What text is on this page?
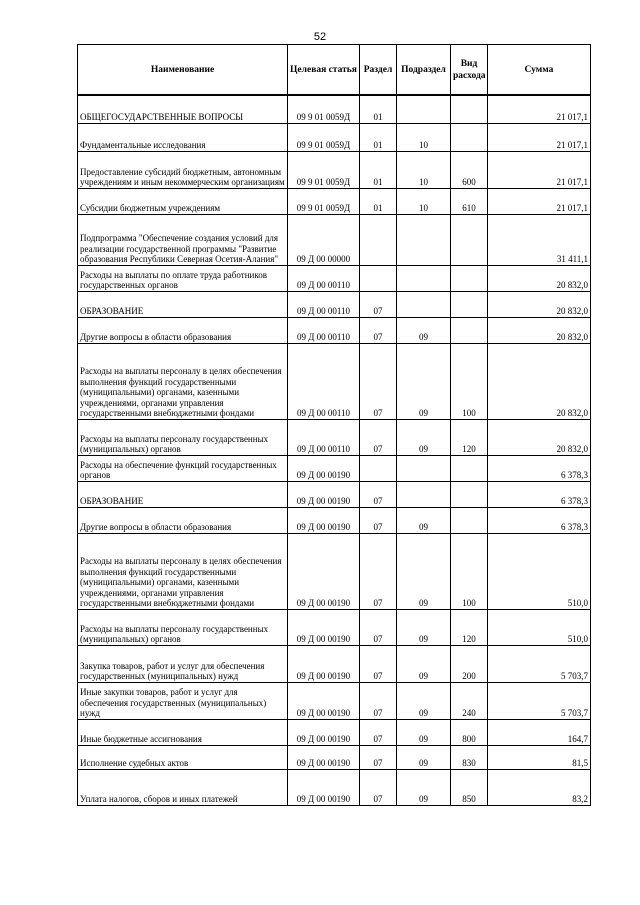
52
Наименование	Целевая статья	Раздел	Подраздел	Вид расхода	Сумма
ОБЩЕГОСУДАРСТВЕННЫЕ ВОПРОСЫ	09 9 01 0059Д	01			21 017,1
Фундаментальные исследования	09 9 01 0059Д	01	10		21 017,1
Предоставление субсидий бюджетным, автономным учреждениям и иным некоммерческим организациям	09 9 01 0059Д	01	10	600	21 017,1
Субсидии бюджетным учреждениям	09 9 01 0059Д	01	10	610	21 017,1
Подпрограмма "Обеспечение создания условий для реализации государственной программы "Развитие образования Республики Северная Осетия-Алания"	09 Д 00 00000				31 411,1
Расходы на выплаты по оплате труда работников государственных органов	09 Д 00 00110				20 832,0
ОБРАЗОВАНИЕ	09 Д 00 00110	07			20 832,0
Другие вопросы в области образования	09 Д 00 00110	07	09		20 832,0
Расходы на выплаты персоналу в целях обеспечения выполнения функций государственными (муниципальными) органами, казенными учреждениями, органами управления государственными внебюджетными фондами	09 Д 00 00110	07	09	100	20 832,0
Расходы на выплаты персоналу государственных (муниципальных) органов	09 Д 00 00110	07	09	120	20 832,0
Расходы на обеспечение функций государственных органов	09 Д 00 00190				6 378,3
ОБРАЗОВАНИЕ	09 Д 00 00190	07			6 378,3
Другие вопросы в области образования	09 Д 00 00190	07	09		6 378,3
Расходы на выплаты персоналу в целях обеспечения выполнения функций государственными (муниципальными) органами, казенными учреждениями, органами управления государственными внебюджетными фондами	09 Д 00 00190	07	09	100	510,0
Расходы на выплаты персоналу государственных (муниципальных) органов	09 Д 00 00190	07	09	120	510,0
Закупка товаров, работ и услуг для обеспечения государственных (муниципальных) нужд	09 Д 00 00190	07	09	200	5 703,7
Иные закупки товаров, работ и услуг для обеспечения государственных (муниципальных) нужд	09 Д 00 00190	07	09	240	5 703,7
Иные бюджетные ассигнования	09 Д 00 00190	07	09	800	164,7
Исполнение судебных актов	09 Д 00 00190	07	09	830	81,5
Уплата налогов, сборов и иных платежей	09 Д 00 00190	07	09	850	83,2
